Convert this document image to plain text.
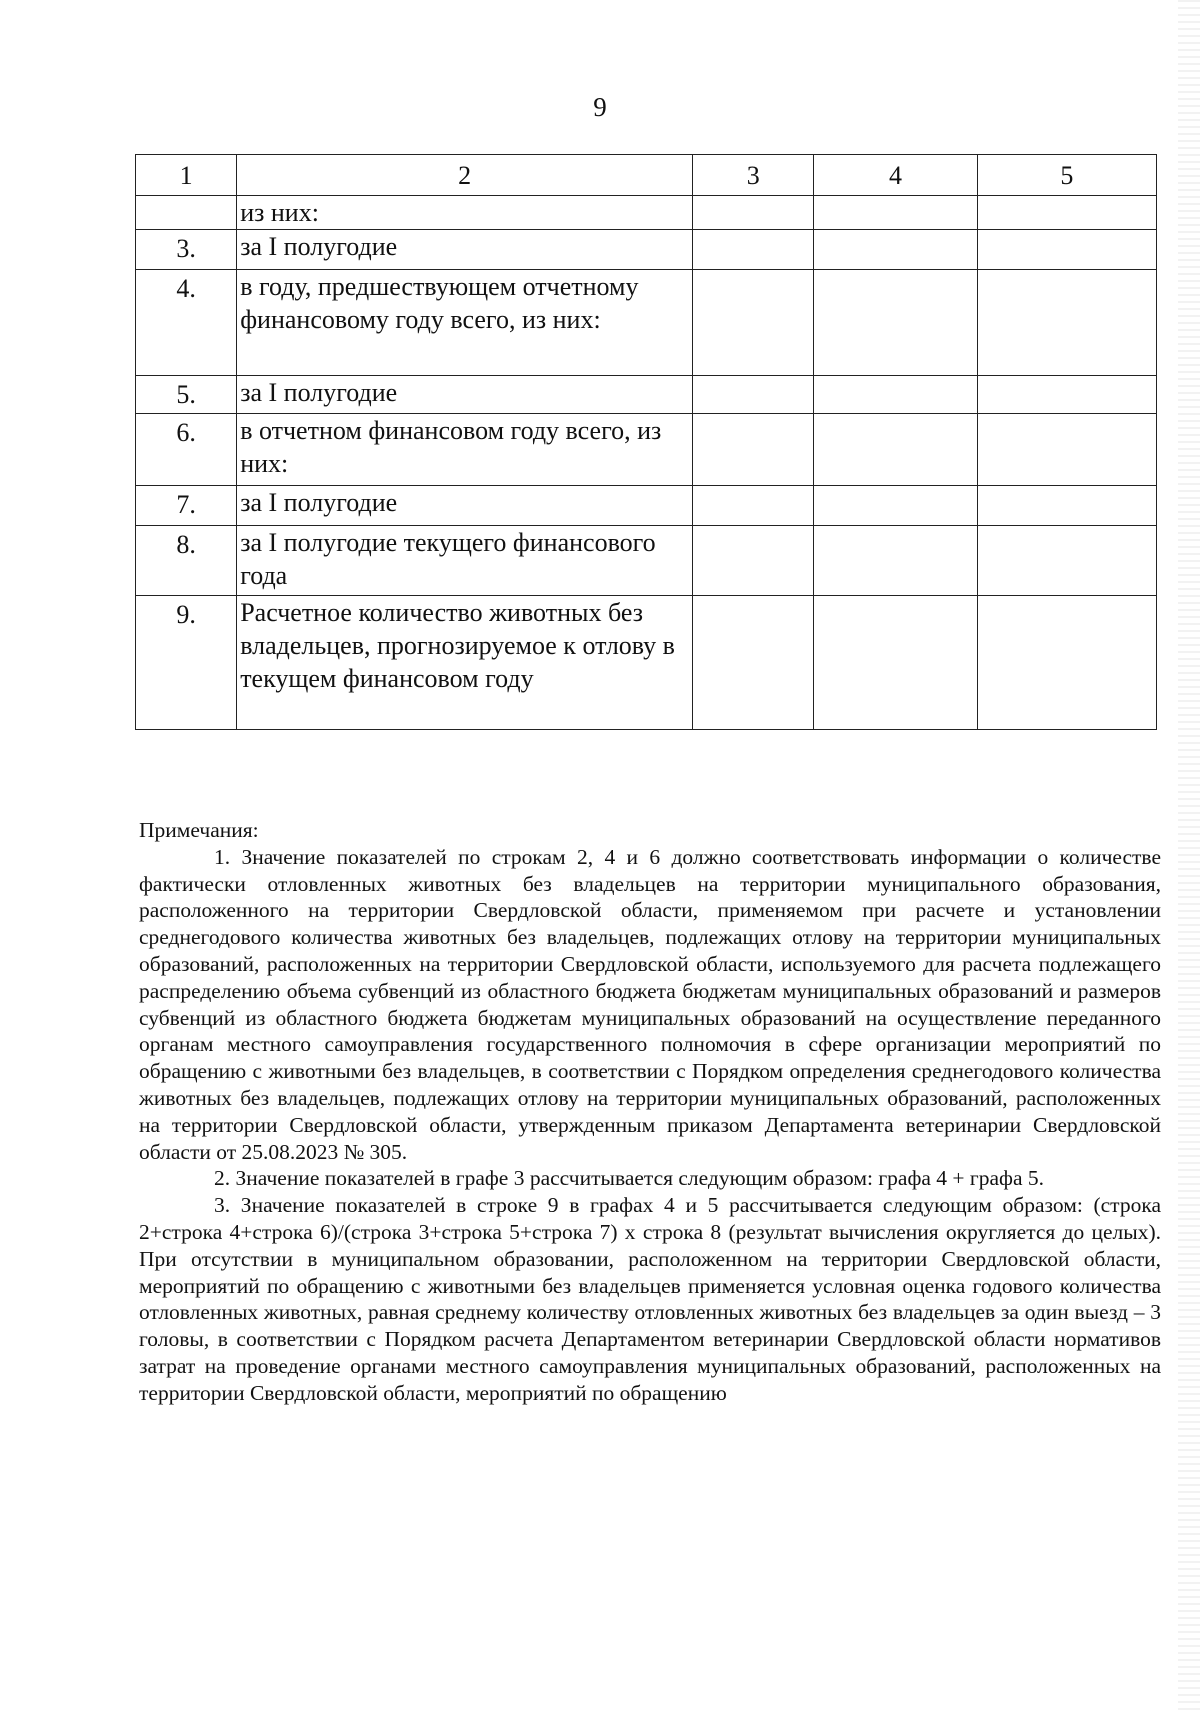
9
1	2	3	4	5
	из них:			
3.	за I полугодие			
4.	в году, предшествующем отчетному финансовому году всего, из них:			
5.	за I полугодие			
6.	в отчетном финансовом году всего, из них:			
7.	за I полугодие			
8.	за I полугодие текущего финансового года			
9.	Расчетное количество животных без владельцев, прогнозируемое к отлову в текущем финансовом году			

Примечания:

1. Значение показателей по строкам 2, 4 и 6 должно соответствовать информации о количестве фактически отловленных животных без владельцев на территории муниципального образования, расположенного на территории Свердловской области, применяемом при расчете и установлении среднегодового количества животных без владельцев, подлежащих отлову на территории муниципальных образований, расположенных на территории Свердловской области, используемого для расчета подлежащего распределению объема субвенций из областного бюджета бюджетам муниципальных образований и размеров субвенций из областного бюджета бюджетам муниципальных образований на осуществление переданного органам местного самоуправления государственного полномочия в сфере организации мероприятий по обращению с животными без владельцев, в соответствии с Порядком определения среднегодового количества животных без владельцев, подлежащих отлову на территории муниципальных образований, расположенных на территории Свердловской области, утвержденным приказом Департамента ветеринарии Свердловской области от 25.08.2023 № 305.

2. Значение показателей в графе 3 рассчитывается следующим образом: графа 4 + графа 5.

3. Значение показателей в строке 9 в графах 4 и 5 рассчитывается следующим образом: (строка 2+строка 4+строка 6)/(строка 3+строка 5+строка 7) х строка 8 (результат вычисления округляется до целых). При отсутствии в муниципальном образовании, расположенном на территории Свердловской области, мероприятий по обращению с животными без владельцев применяется условная оценка годового количества отловленных животных, равная среднему количеству отловленных животных без владельцев за один выезд – 3 головы, в соответствии с Порядком расчета Департаментом ветеринарии Свердловской области нормативов затрат на проведение органами местного самоуправления муниципальных образований, расположенных на территории Свердловской области, мероприятий по обращению
